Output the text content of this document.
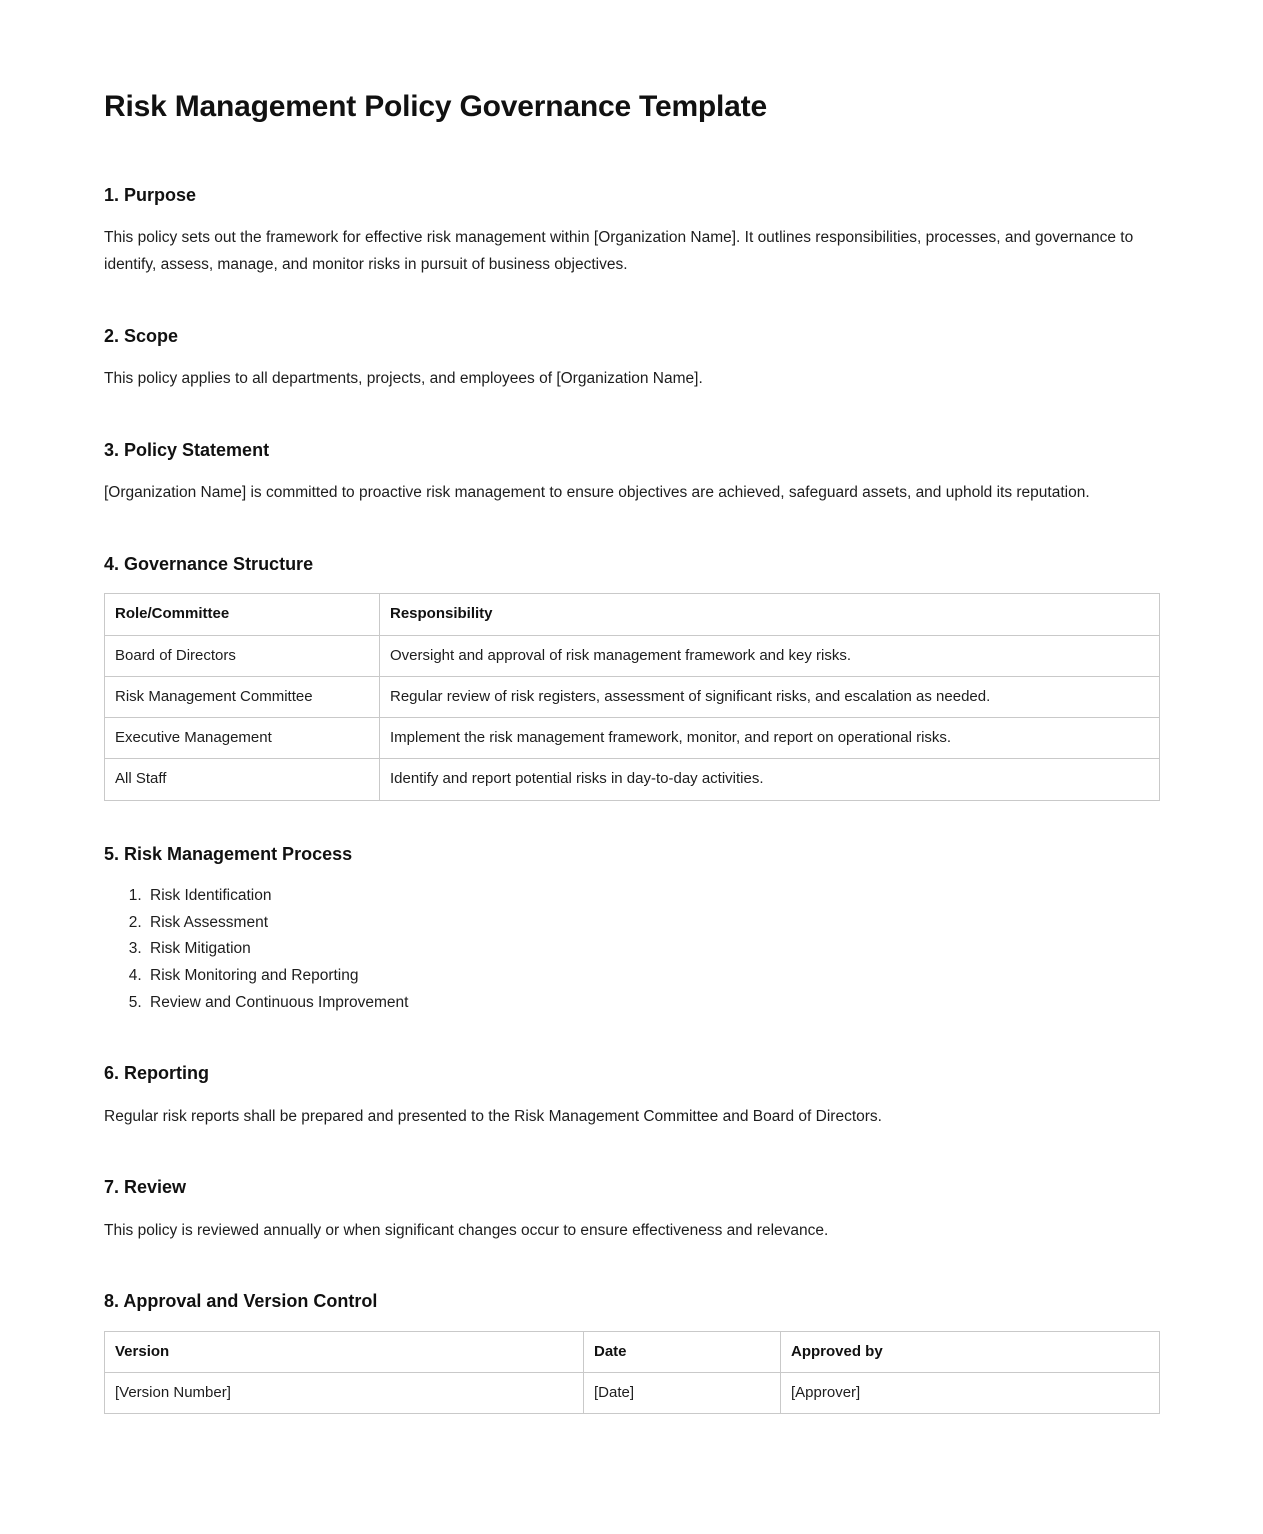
Risk Management Policy Governance Template
1. Purpose

This policy sets out the framework for effective risk management within [Organization Name]. It outlines responsibilities, processes, and governance to identify, assess, manage, and monitor risks in pursuit of business objectives.

2. Scope

This policy applies to all departments, projects, and employees of [Organization Name].

3. Policy Statement

[Organization Name] is committed to proactive risk management to ensure objectives are achieved, safeguard assets, and uphold its reputation.

4. Governance Structure
Role/Committee	Responsibility
Board of Directors	Oversight and approval of risk management framework and key risks.
Risk Management Committee	Regular review of risk registers, assessment of significant risks, and escalation as needed.
Executive Management	Implement the risk management framework, monitor, and report on operational risks.
All Staff	Identify and report potential risks in day-to-day activities.
5. Risk Management Process
1. Risk Identification
2. Risk Assessment
3. Risk Mitigation
4. Risk Monitoring and Reporting
5. Review and Continuous Improvement
6. Reporting

Regular risk reports shall be prepared and presented to the Risk Management Committee and Board of Directors.

7. Review

This policy is reviewed annually or when significant changes occur to ensure effectiveness and relevance.

8. Approval and Version Control
Version	Date	Approved by
[Version Number]	[Date]	[Approver]
